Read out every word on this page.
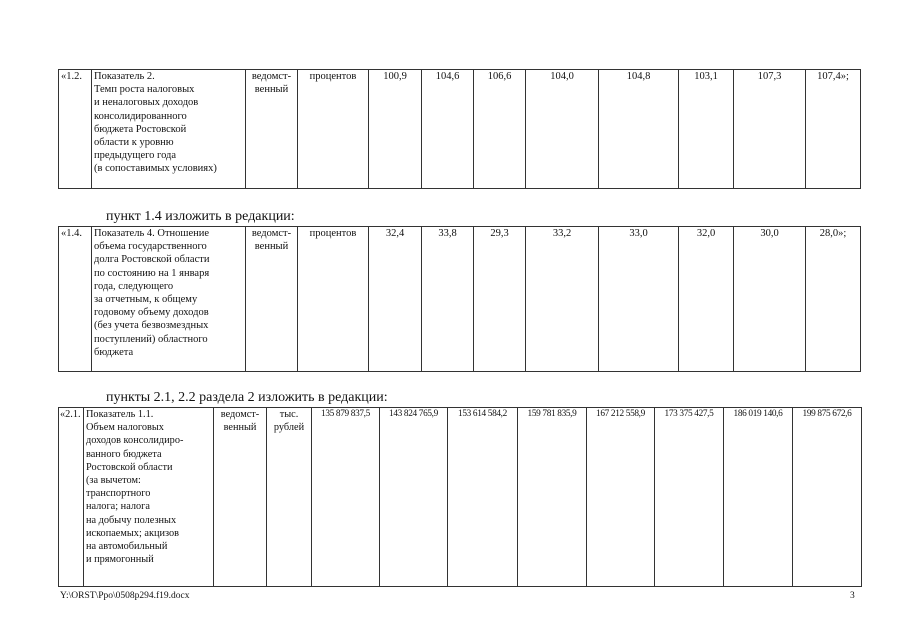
«1.2.	Показатель 2.
Темп роста налоговых
и неналоговых доходов
консолидированного
бюджета Ростовской
области к уровню
предыдущего года
(в сопоставимых условиях)	ведомст-
венный	процентов	100,9	104,6	106,6	104,0	104,8	103,1	107,3	107,4»;
пункт 1.4 изложить в редакции:
«1.4.	Показатель 4. Отношение
объема государственного
долга Ростовской области
по состоянию на 1 января
года, следующего
за отчетным, к общему
годовому объему доходов
(без учета безвозмездных
поступлений) областного
бюджета	ведомст-
венный	процентов	32,4	33,8	29,3	33,2	33,0	32,0	30,0	28,0»;
пункты 2.1, 2.2 раздела 2 изложить в редакции:
«2.1.	Показатель 1.1.
Объем налоговых
доходов консолидиро-
ванного бюджета
Ростовской области
(за вычетом:
транспортного
налога; налога
на добычу полезных
ископаемых; акцизов
на автомобильный
и прямогонный	ведомст-
венный	тыс.
рублей	135 879 837,5	143 824 765,9	153 614 584,2	159 781 835,9	167 212 558,9	173 375 427,5	186 019 140,6	199 875 672,6
Y:\ORST\Ppo\0508p294.f19.docx	3
